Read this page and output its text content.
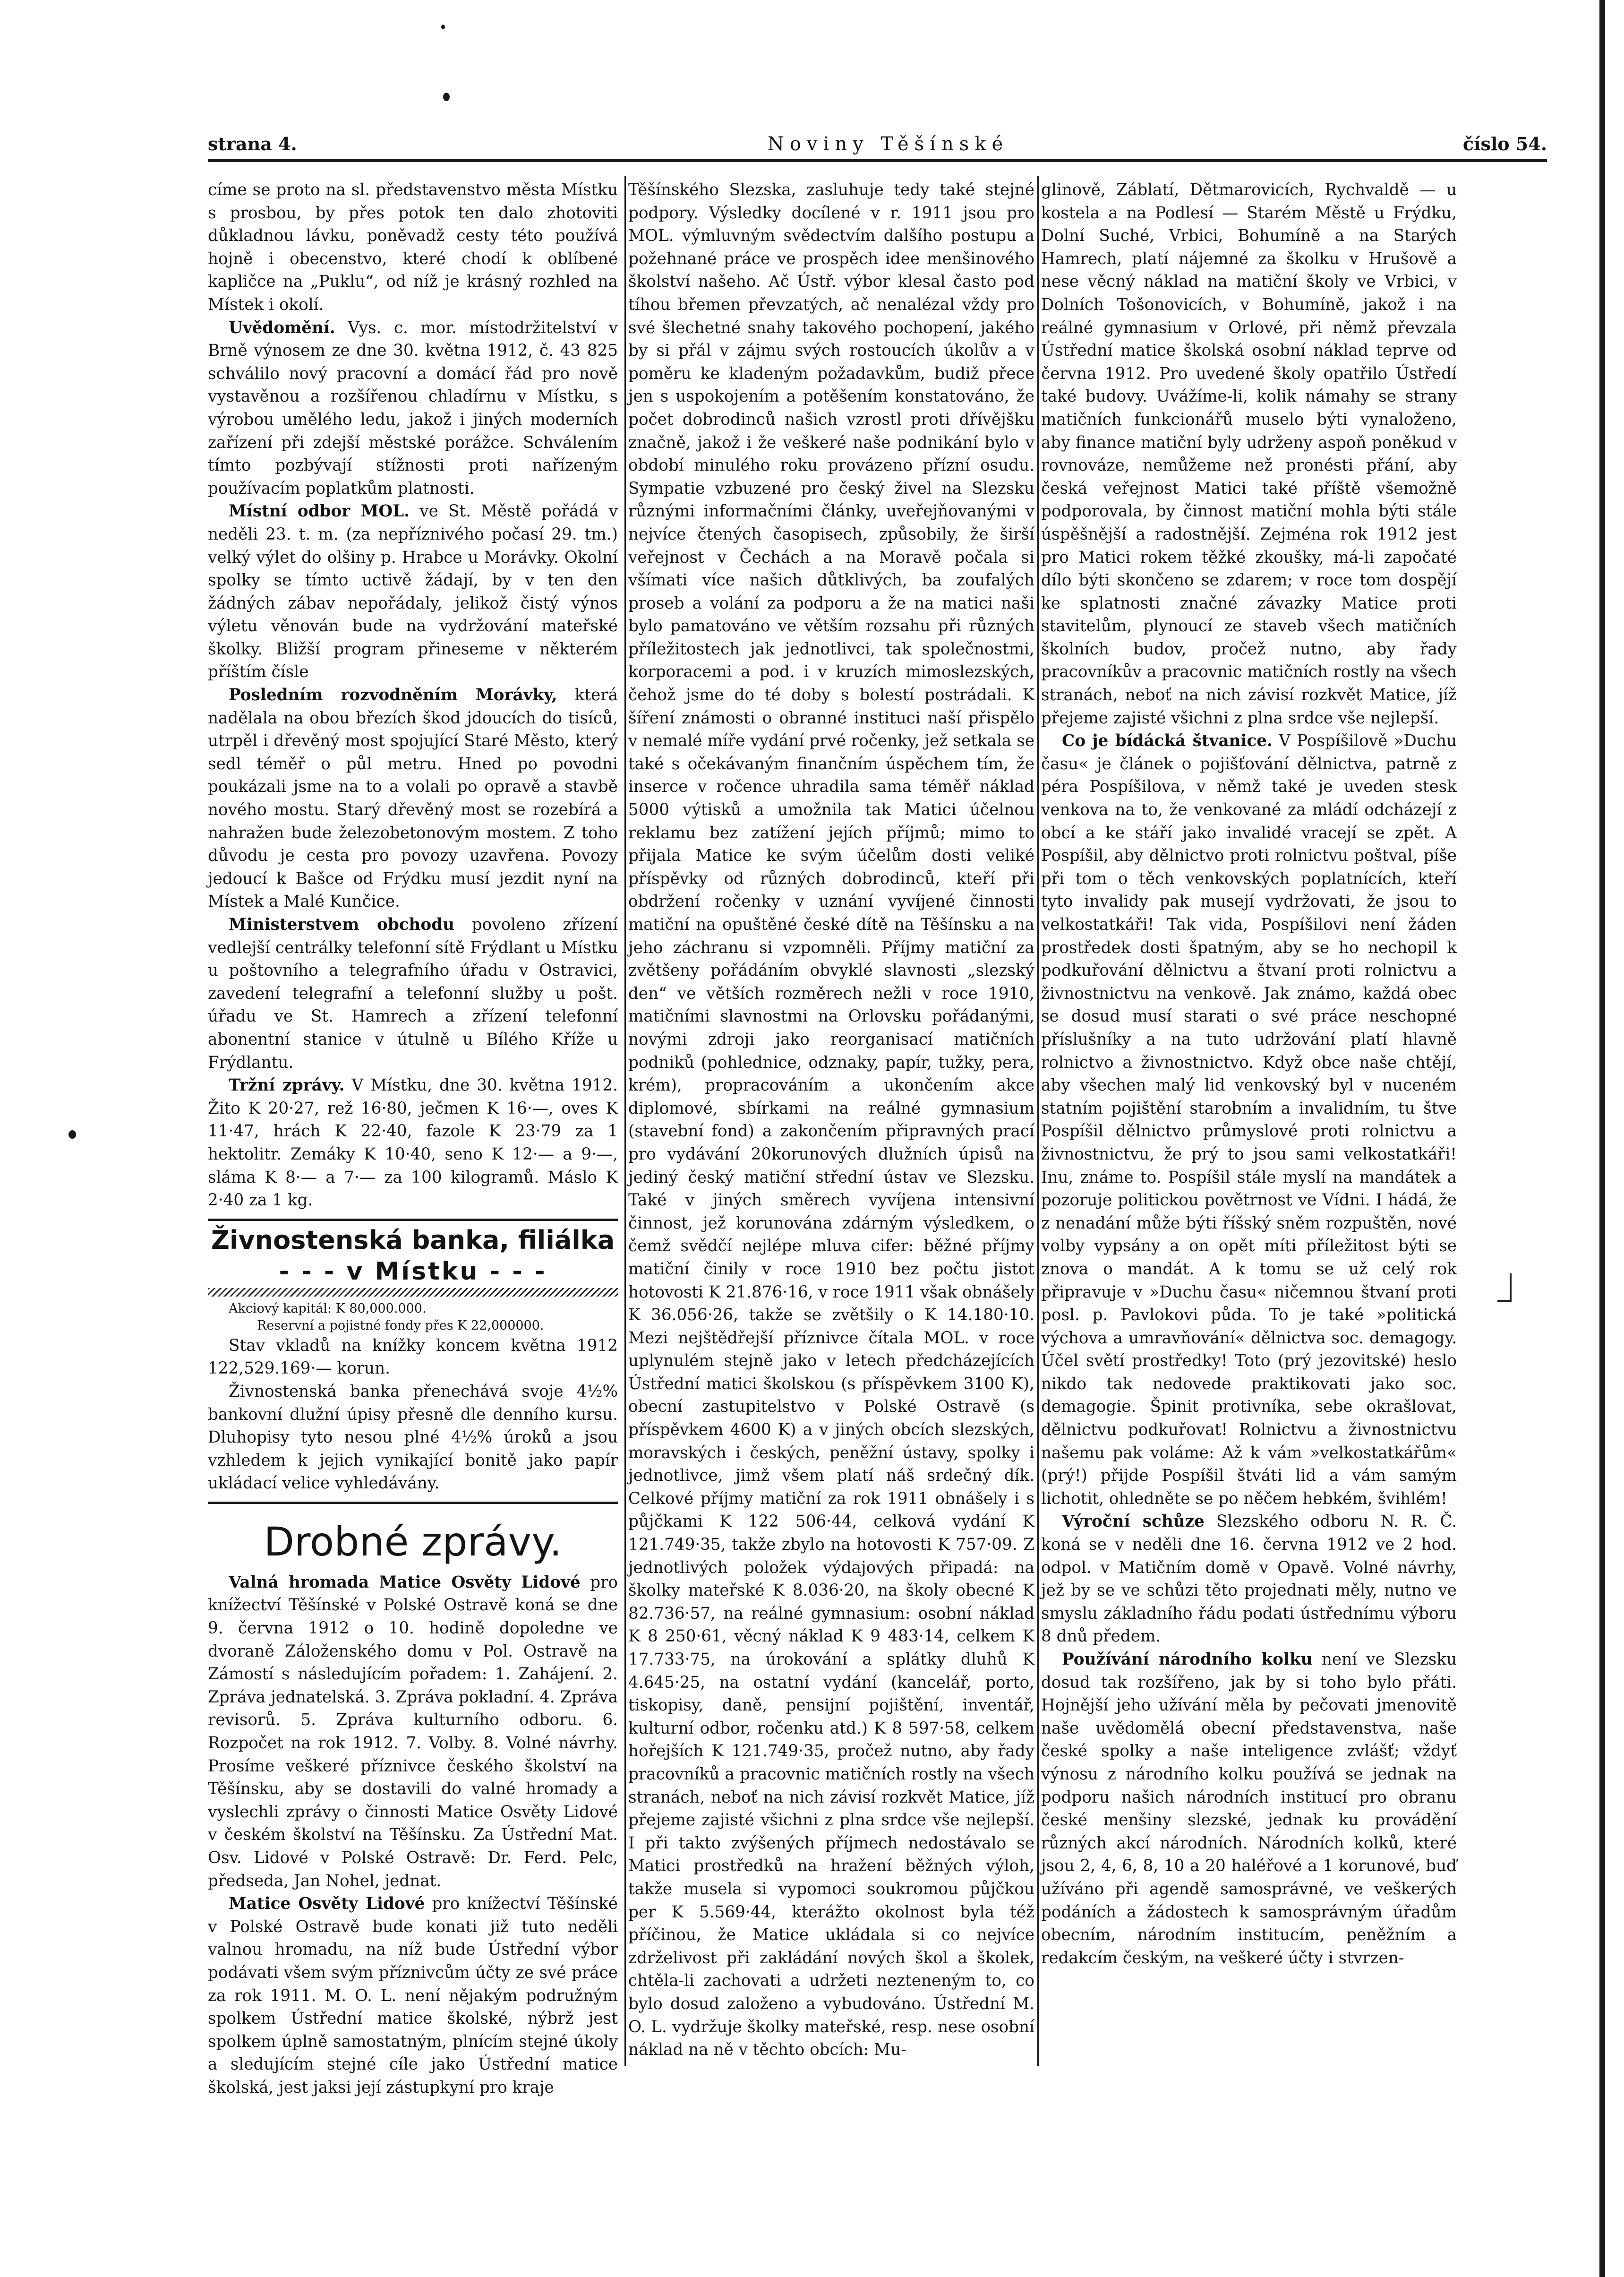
strana 4.	Noviny Těšínské	číslo 54.

címe se proto na sl. představenstvo města Místku s prosbou, by přes potok ten dalo zhotoviti důkladnou lávku, poněvadž cesty této používá hojně i obecenstvo, které chodí k oblíbené kapličce na „Puklu“, od níž je krásný rozhled na Místek i okolí.

Uvědomění. Vys. c. mor. místodržitelství v Brně výnosem ze dne 30. května 1912, č. 43 825 schválilo nový pracovní a domácí řád pro nově vystavěnou a rozšířenou chladírnu v Místku, s výrobou umělého ledu, jakož i jiných moderních zařízení při zdejší městské porážce. Schválením tímto pozbývají stížnosti proti nařízeným používacím poplatkům platnosti.

Místní odbor MOL. ve St. Městě pořádá v neděli 23. t. m. (za nepříznivého počasí 29. tm.) velký výlet do olšiny p. Hrabce u Morávky. Okolní spolky se tímto uctivě žádají, by v ten den žádných zábav nepořádaly, jelikož čistý výnos výletu věnován bude na vydržování mateřské školky. Bližší program přineseme v některém příštím čísle

Posledním rozvodněním Morávky, která nadělala na obou březích škod jdoucích do tisíců, utrpěl i dřevěný most spojující Staré Město, který sedl téměř o půl metru. Hned po povodni poukázali jsme na to a volali po opravě a stavbě nového mostu. Starý dřevěný most se rozebírá a nahražen bude železobetonovým mostem. Z toho důvodu je cesta pro povozy uzavřena. Povozy jedoucí k Bašce od Frýdku musí jezdit nyní na Místek a Malé Kunčice.

Ministerstvem obchodu povoleno zřízení vedlejší centrálky telefonní sítě Frýdlant u Místku u poštovního a telegrafního úřadu v Ostravici, zavedení telegrafní a telefonní služby u pošt. úřadu ve St. Hamrech a zřízení telefonní abonentní stanice v útulně u Bílého Kříže u Frýdlantu.

Tržní zprávy. V Místku, dne 30. května 1912. Žito K 20·27, rež 16·80, ječmen K 16·—, oves K 11·47, hrách K 22·40, fazole K 23·79 za 1 hektolitr. Zemáky K 10·40, seno K 12·— a 9·—, sláma K 8·— a 7·— za 100 kilogramů. Máslo K 2·40 za 1 kg.

Živnostenská banka, filiálka
- - - v Místku - - -

Akciový kapitál: K 80,000.000.

Reservní a pojistné fondy přes K 22,000000.

Stav vkladů na knížky koncem května 1912 122,529.169·— korun.

Živnostenská banka přeneсhává svoje 4½% bankovní dlužní úpisy přesně dle denního kursu. Dluhopisy tyto nesou plné 4½% úroků a jsou vzhledem k jejich vynikající bonitě jako papír ukládací velice vyhledávány.

Drobné zprávy.

Valná hromada Matice Osvěty Lidové pro knížectví Těšínské v Polské Ostravě koná se dne 9. června 1912 o 10. hodině dopoledne ve dvoraně Záloženského domu v Pol. Ostravě na Zámostí s následujícím pořadem: 1. Zahájení. 2. Zpráva jednatelská. 3. Zpráva pokladní. 4. Zpráva revisorů. 5. Zpráva kulturního odboru. 6. Rozpočet na rok 1912. 7. Volby. 8. Volné návrhy. Prosíme veškeré příznivce českého školství na Těšínsku, aby se dostavili do valné hromady a vyslechli zprávy o činnosti Matice Osvěty Lidové v českém školství na Těšínsku. Za Ústřední Mat. Osv. Lidové v Polské Ostravě: Dr. Ferd. Pelc, předseda, Jan Nohel, jednat.

Matice Osvěty Lidové pro knížectví Těšínské v Polské Ostravě bude konati již tuto neděli valnou hromadu, na níž bude Ústřední výbor podávati všem svým příznivcům účty ze své práce za rok 1911. M. O. L. není nějakým podružným spolkem Ústřední matice školské, nýbrž jest spolkem úplně samostatným, plnícím stejné úkoly a sledujícím stejné cíle jako Ústřední matice školská, jest jaksi její zástupkyní pro kraje

Těšínského Slezska, zasluhuje tedy také stejné podpory. Výsledky docílené v r. 1911 jsou pro MOL. výmluvným svědectvím dalšího postupu a požehnané práce ve prospěch idee menšinového školství našeho. Ač Ústř. výbor klesal často pod tíhou břemen převzatých, ač nenalézal vždy pro své šlechetné snahy takového pochopení, jakého by si přál v zájmu svých rostoucích úkolův a v poměru ke kladeným požadavkům, budiž přece jen s uspokojením a potěšením konstatováno, že počet dobrodinců našich vzrostl proti dřívějšku značně, jakož i že veškeré naše podnikání bylo v období minulého roku provázeno přízní osudu. Sympatie vzbuzené pro český živel na Slezsku různými informačními články, uveřejňovanými v nejvíce čtených časopisech, způsobily, že širší veřejnost v Čechách a na Moravě počala si všímati více našich důtklivých, ba zoufalých proseb a volání za podporu a že na matici naši bylo pamatováno ve větším rozsahu při různých příležitostech jak jednotlivci, tak společnostmi, korporacemi a pod. i v kruzích mimoslezských, čehož jsme do té doby s bolestí postrádali. K šíření známosti o obranné instituci naší přispělo v nemalé míře vydání prvé ročenky, jež setkala se také s očekávaným finančním úspěchem tím, že inserce v ročence uhradila sama téměř náklad 5000 výtisků a umožnila tak Matici účelnou reklamu bez zatížení jejích příjmů; mimo to přijala Matice ke svým účelům dosti veliké příspěvky od různých dobrodinců, kteří při obdržení ročenky v uznání vyvíjené činnosti matiční na opuštěné české dítě na Těšínsku a na jeho záchranu si vzpomněli. Příjmy matiční za zvětšeny pořádáním obvyklé slavnosti „slezský den“ ve větších rozměrech nežli v roce 1910, matičními slavnostmi na Orlovsku pořádanými, novými zdroji jako reorganisací matičních podniků (pohlednice, odznaky, papír, tužky, pera, krém), propracováním a ukončením akce diplomové, sbírkami na reálné gymnasium (stavební fond) a zakončením připravných prací pro vydávání 20korunových dlužních úpisů na jediný český matiční střední ústav ve Slezsku. Také v jiných směrech vyvíjena intensivní činnost, jež korunována zdárným výsledkem, o čemž svědčí nejlépe mluva cifer: běžné příjmy matiční činily v roce 1910 bez počtu jistot hotovosti K 21.876·16, v roce 1911 však obnášely K 36.056·26, takže se zvětšily o K 14.180·10. Mezi nejštědřejší příznivce čítala MOL. v roce uplynulém stejně jako v letech předcházejících Ústřední matici školskou (s příspěvkem 3100 K), obecní zastupitelstvo v Polské Ostravě (s příspěvkem 4600 K) a v jiných obcích slezských, moravských i českých, peněžní ústavy, spolky i jednotlivce, jimž všem platí náš srdečný dík. Celkové příjmy matiční za rok 1911 obnášely i s půjčkami K 122 506·44, celková vydání K 121.749·35, takže zbylo na hotovosti K 757·09. Z jednotlivých položek výdajových připadá: na školky mateřské K 8.036·20, na školy obecné K 82.736·57, na reálné gymnasium: osobní náklad K 8 250·61, věcný náklad K 9 483·14, celkem K 17.733·75, na úrokování a splátky dluhů K 4.645·25, na ostatní vydání (kancelář, porto, tiskopisy, daně, pensijní pojištění, inventář, kulturní odbor, ročenku atd.) K 8 597·58, celkem hořejších K 121.749·35, pročež nutno, aby řady pracovníků a pracovnic matičních rostly na všech stranách, neboť na nich závisí rozkvět Matice, jíž přejeme zajisté všichni z plna srdce vše nejlepší. I při takto zvýšených příjmech nedostávalo se Matici prostředků na hražení běžných výloh, takže musela si vypomoci soukromou půjčkou per K 5.569·44, kterážto okolnost byla též příčinou, že Matice ukládala si co nejvíce zdrželivost při zakládání nových škol a školek, chtěla-li zachovati a udržeti nezteneným to, co bylo dosud založeno a vybudováno. Ústřední M. O. L. vydržuje školky mateřské, resp. nese osobní náklad na ně v těchto obcích: Mu-

glinově, Záblatí, Dětmarovicích, Rychvaldě — u kostela a na Podlesí — Starém Městě u Frýdku, Dolní Suché, Vrbici, Bohumíně a na Starých Hamrech, platí nájemné za školku v Hrušově a nese věcný náklad na matiční školy ve Vrbici, v Dolních Tošonovicích, v Bohumíně, jakož i na reálné gymnasium v Orlové, při němž převzala Ústřední matice školská osobní náklad teprve od června 1912. Pro uvedené školy opatřilo Ústředí také budovy. Uvážíme-li, kolik námahy se strany matičních funkcionářů muselo býti vynaloženo, aby finance matiční byly udrženy aspoň poněkud v rovnováze, nemůžeme než pronésti přání, aby česká veřejnost Matici také příště všemožně podporovala, by činnost matiční mohla býti stále úspěšnější a radostnější. Zejména rok 1912 jest pro Matici rokem těžké zkoušky, má-li započaté dílo býti skončeno se zdarem; v roce tom dospějí ke splatnosti značné závazky Matice proti stavitelům, plynoucí ze staveb všech matičních školních budov, pročež nutno, aby řady pracovníkův a pracovnic matičních rostly na všech stranách, neboť na nich závisí rozkvět Matice, jíž přejeme zajisté všichni z plna srdce vše nejlepší.

Co je bídácká štvanice. V Pospíšilově »Duchu času« je článek o pojišťování dělnictva, patrně z péra Pospíšilova, v němž také je uveden stesk venkova na to, že venkované za mládí odcházejí z obcí a ke stáří jako invalidé vracejí se zpět. A Pospíšil, aby dělnictvo proti rolnictvu poštval, píše při tom o těch venkovských poplatnících, kteří tyto invalidy pak musejí vydržovati, že jsou to velkostatkáři! Tak vida, Pospíšilovi není žáden prostředek dosti špatným, aby se ho nechopil k podkuřování dělnictvu a štvaní proti rolnictvu a živnostnictvu na venkově. Jak známo, každá obec se dosud musí starati o své práce neschopné příslušníky a na tuto udržování platí hlavně rolnictvo a živnostnictvo. Když obce naše chtějí, aby všechen malý lid venkovský byl v nuceném statním pojištění starobním a invalidním, tu štve Pospíšil dělnictvo průmyslové proti rolnictvu a živnostnictvu, že prý to jsou sami velkostatkáři! Inu, známe to. Pospíšil stále myslí na mandátek a pozoruje politickou povětrnost ve Vídni. I hádá, že z nenadání může býti říšský sněm rozpuštěn, nové volby vypsány a on opět míti příležitost býti se znova o mandát. A k tomu se už celý rok připravuje v »Duchu času« ničemnou štvaní proti posl. p. Pavlokovi půda. To je také »politická výchova a umravňování« dělnictva soc. demagogy. Účel světí prostředky! Toto (prý jezovitské) heslo nikdo tak nedovede praktikovati jako soc. demagogie. Špinit protivníka, sebe okrašlovat, dělnictvu podkuřovat! Rolnictvu a živnostnictvu našemu pak voláme: Až k vám »velkostatkářům« (prý!) přijde Pospíšil štváti lid a vám samým lichotit, ohledněte se po něčem hebkém, švihlém!

Výroční schůze Slezského odboru N. R. Č. koná se v neděli dne 16. června 1912 ve 2 hod. odpol. v Matičním domě v Opavě. Volné návrhy, jež by se ve schůzi těto projednati měly, nutno ve smyslu základního řádu podati ústřednímu výboru 8 dnů předem.

Používání národního kolku není ve Slezsku dosud tak rozšířeno, jak by si toho bylo přáti. Hojnější jeho užívání měla by pečovati jmenovitě naše uvědomělá obecní představenstva, naše české spolky a naše inteligence zvlášť; vždyť výnosu z národního kolku používá se jednak na podporu našich národních institucí pro obranu české menšiny slezské, jednak ku provádění různých akcí národních. Národních kolků, které jsou 2, 4, 6, 8, 10 a 20 haléřové a 1 korunové, buď užíváno při agendě samosprávné, ve veškerých podáních a žádostech k samosprávným úřadům obecním, národním institucím, peněžním a redakcím českým, na veškeré účty i stvrzen-
